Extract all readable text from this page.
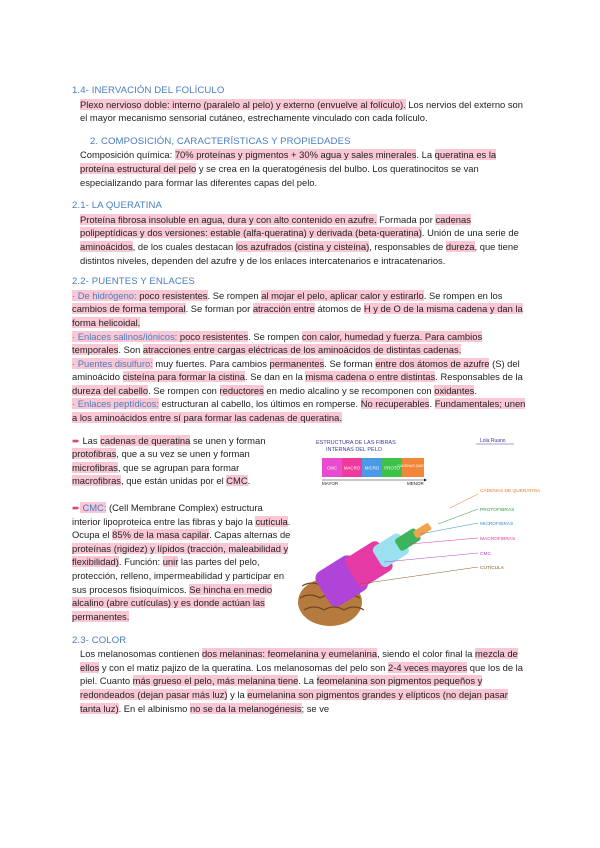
1.4- INERVACIÓN DEL FOLÍCULO

Plexo nervioso doble: interno (paralelo al pelo) y externo (envuelve al folículo). Los nervios del externo son el mayor mecanismo sensorial cutáneo, estrechamente vinculado con cada folículo.

2. COMPOSICIÓN, CARACTERÍSTICAS Y PROPIEDADES

Composición química: 70% proteínas y pigmentos + 30% agua y sales minerales. La queratina es la proteína estructural del pelo y se crea en la queratogénesis del bulbo. Los queratinocitos se van especializando para formar las diferentes capas del pelo.

2.1- LA QUERATINA

Proteína fibrosa insoluble en agua, dura y con alto contenido en azufre. Formada por cadenas polipeptídicas y dos versiones: estable (alfa-queratina) y derivada (beta-queratina). Unión de una serie de aminoácidos, de los cuales destacan los azufrados (cistina y cisteína), responsables de dureza, que tiene distintos niveles, dependen del azufre y de los enlaces intercatenarios e intracatenarios.

2.2- PUENTES Y ENLACES

· De hidrógeno: poco resistentes. Se rompen al mojar el pelo, aplicar calor y estirarlo. Se rompen en los cambios de forma temporal. Se forman por atracción entre átomos de H y de O de la misma cadena y dan la forma helicoidal.

· Enlaces salinos/iónicos: poco resistentes. Se rompen con calor, humedad y fuerza. Para cambios temporales. Son atracciones entre cargas eléctricas de los aminoácidos de distintas cadenas.

· Puentes disulfuro: muy fuertes. Para cambios permanentes. Se forman entre dos átomos de azufre (S) del aminoácido cisteína para formar la cistina. Se dan en la misma cadena o entre distintas. Responsables de la dureza del cabello. Se rompen con reductores en medio alcalino y se recomponen con oxidantes.

· Enlaces peptídicos: estructuran al cabello, los últimos en romperse. No recuperables. Fundamentales; unen a los aminoácidos entre sí para formar las cadenas de queratina.

➨ Las cadenas de queratina se unen y forman protofibras, que a su vez se unen y forman microfibras, que se agrupan para formar macrofibras, que están unidas por el CMC.

➨ CMC: (Cell Membrane Complex) estructura interior lipoproteica entre las fibras y bajo la cutícula. Ocupa el 85% de la masa capilar. Capas alternas de proteínas (rigidez) y lípidos (tracción, maleabilidad y flexibilidad). Función: unir las partes del pelo, protección, relleno, impermeabilidad y participar en sus procesos fisioquímicos. Se hincha en medio alcalino (abre cutículas) y es donde actúan las permanentes.

ESTRUCTURA DE LAS FIBRAS
INTERNAS DEL PELO
Lola Ruano
CMC MACRO MICRO PROTO
CADENAS QUERA
MAYOR	MENOR
CADENAS DE QUERATINA
PROTOFIBRAS
MICROFIBRAS
MACROFIBRAS
CMC
CUTÍCULA
2.3- COLOR

Los melanosomas contienen dos melaninas: feomelanina y eumelanina, siendo el color final la mezcla de ellos y con el matiz pajizo de la queratina. Los melanosomas del pelo son 2-4 veces mayores que los de la piel. Cuanto más grueso el pelo, más melanina tiene. La feomelanina son pigmentos pequeños y redondeados (dejan pasar más luz) y la eumelanina son pigmentos grandes y elípticos (no dejan pasar tanta luz). En el albinismo no se da la melanogénesis; se ve
